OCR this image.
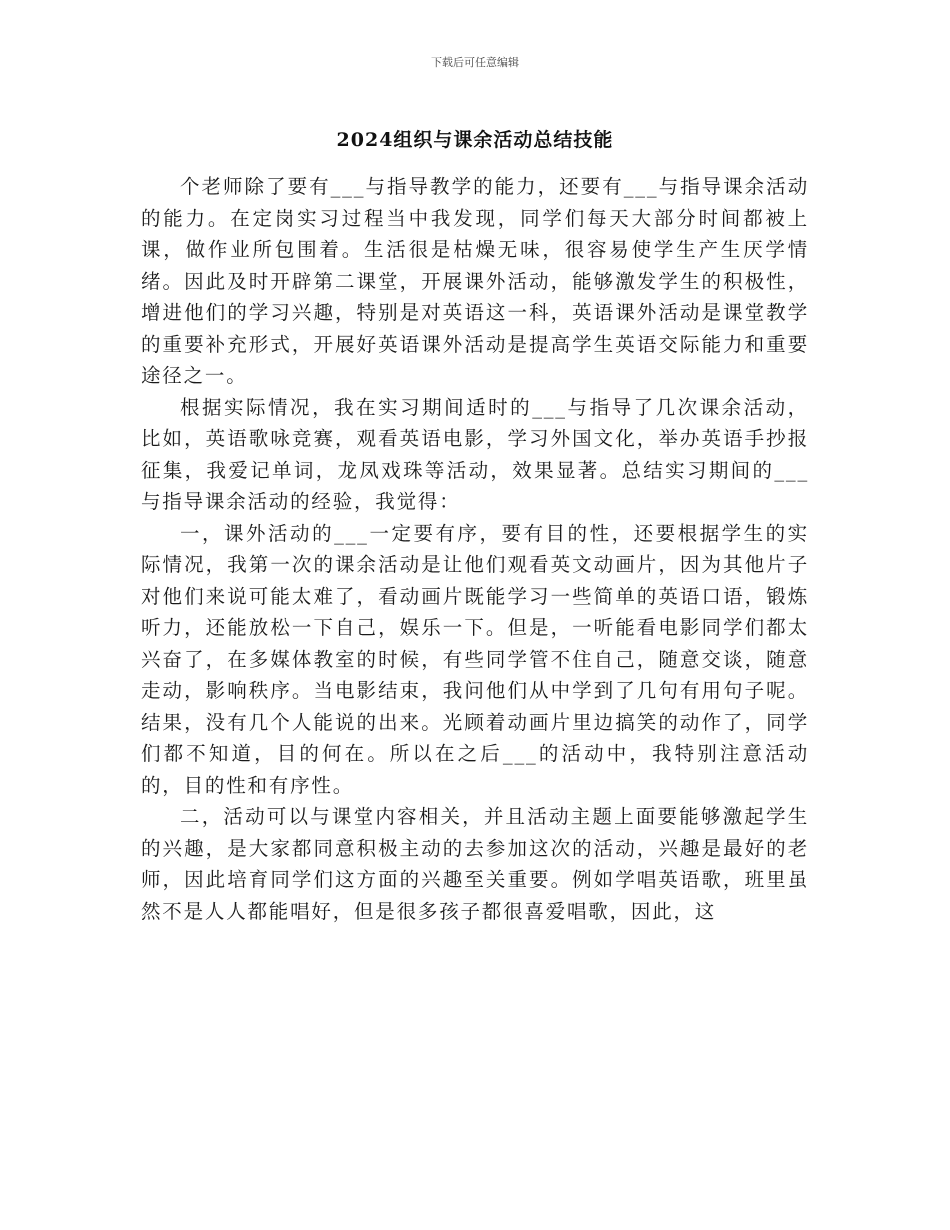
下载后可任意编辑
2024组织与课余活动总结技能

个老师除了要有___与指导教学的能力，还要有___与指导课余活动的能力。在定岗实习过程当中我发现，同学们每天大部分时间都被上课，做作业所包围着。生活很是枯燥无味，很容易使学生产生厌学情绪。因此及时开辟第二课堂，开展课外活动，能够激发学生的积极性，增进他们的学习兴趣，特别是对英语这一科，英语课外活动是课堂教学的重要补充形式，开展好英语课外活动是提高学生英语交际能力和重要途径之一。

根据实际情况，我在实习期间适时的___与指导了几次课余活动，比如，英语歌咏竞赛，观看英语电影，学习外国文化，举办英语手抄报征集，我爱记单词，龙凤戏珠等活动，效果显著。总结实习期间的___与指导课余活动的经验，我觉得：

一，课外活动的___一定要有序，要有目的性，还要根据学生的实际情况，我第一次的课余活动是让他们观看英文动画片，因为其他片子对他们来说可能太难了，看动画片既能学习一些简单的英语口语，锻炼听力，还能放松一下自己，娱乐一下。但是，一听能看电影同学们都太兴奋了，在多媒体教室的时候，有些同学管不住自己，随意交谈，随意走动，影响秩序。当电影结束，我问他们从中学到了几句有用句子呢。结果，没有几个人能说的出来。光顾着动画片里边搞笑的动作了，同学们都不知道，目的何在。所以在之后___的活动中，我特别注意活动的，目的性和有序性。

二，活动可以与课堂内容相关，并且活动主题上面要能够激起学生的兴趣，是大家都同意积极主动的去参加这次的活动，兴趣是最好的老师，因此培育同学们这方面的兴趣至关重要。例如学唱英语歌，班里虽然不是人人都能唱好，但是很多孩子都很喜爱唱歌，因此，这
